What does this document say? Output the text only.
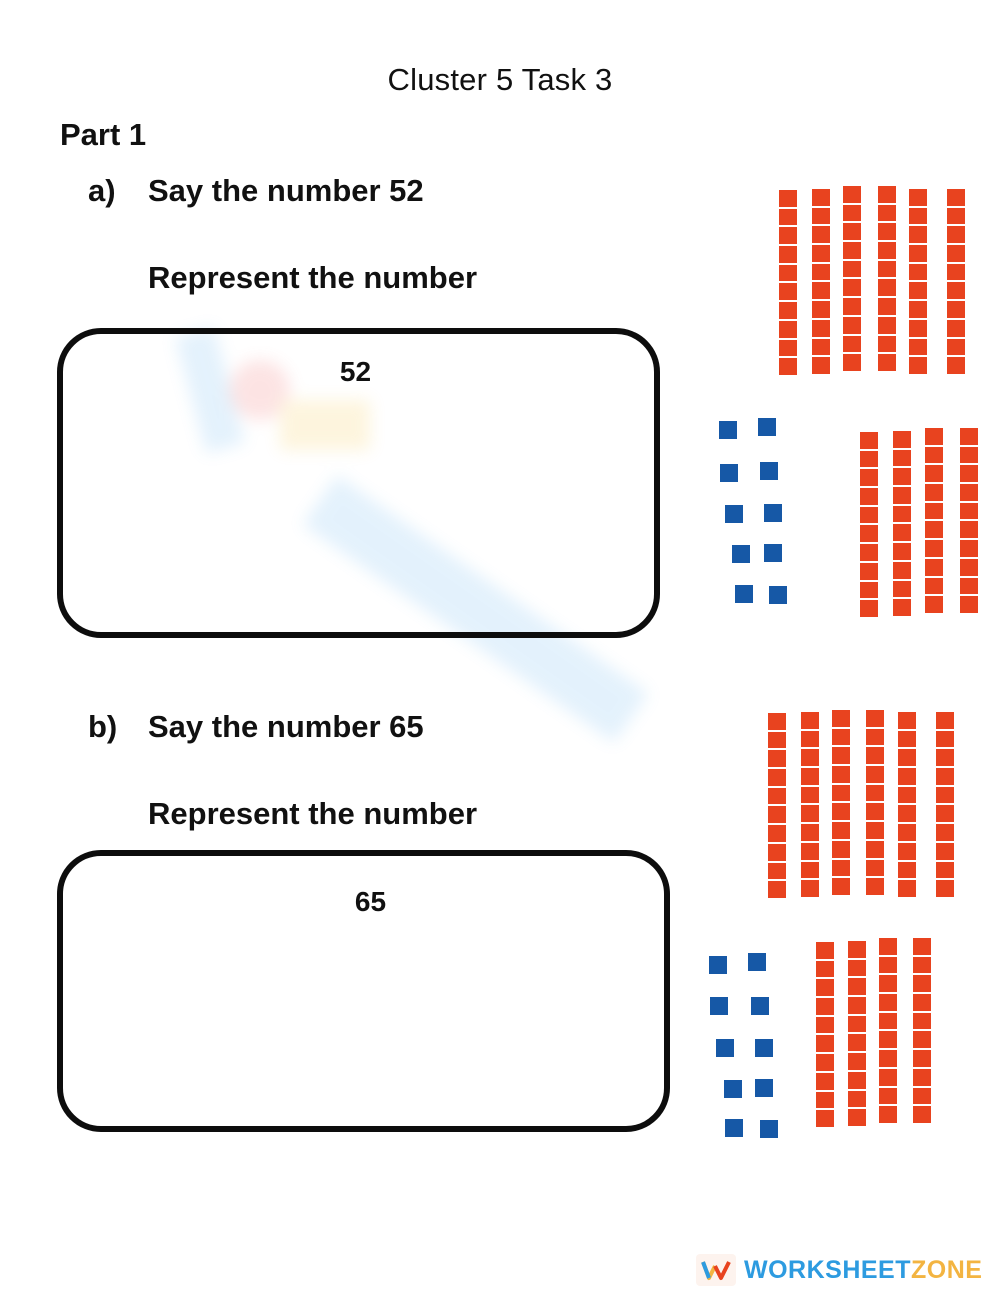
Cluster 5 Task 3
Part 1
a) Say the number 52
Represent the number
52
b) Say the number 65
Represent the number
65
WORKSHEETZONE
